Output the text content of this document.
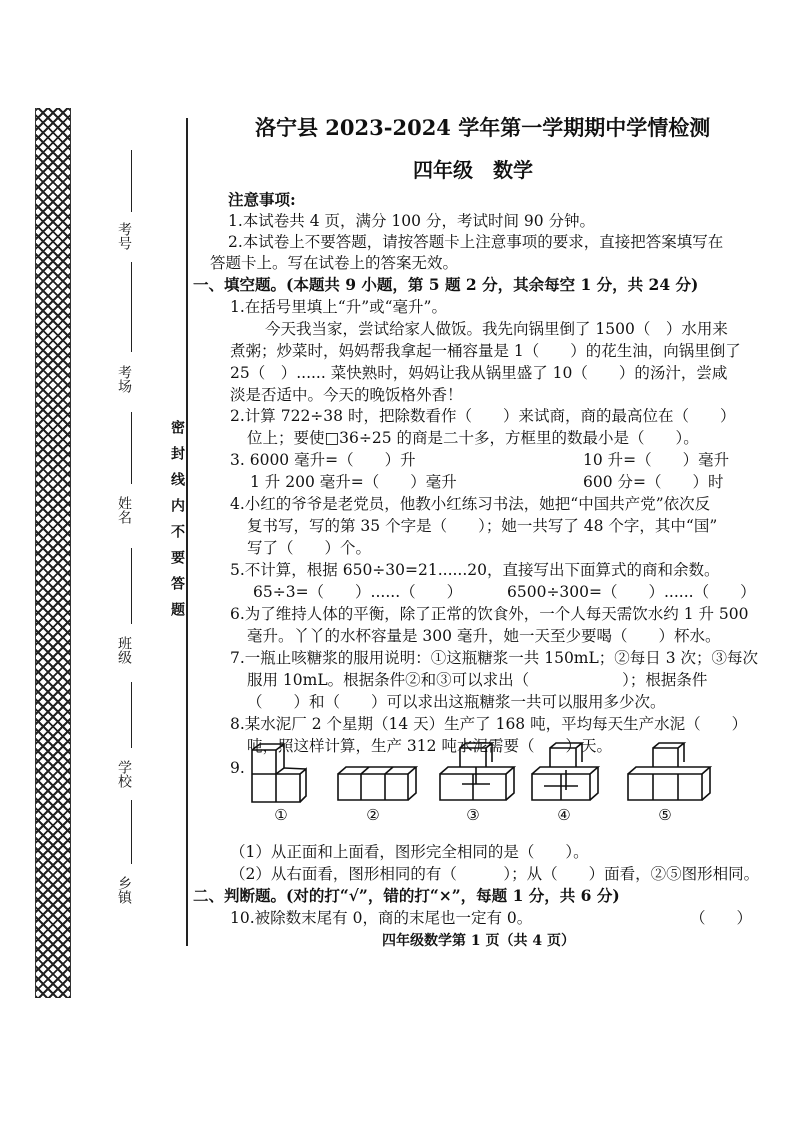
考号
考场
姓名
班级
学校
乡镇
密封线内不要答题
洛宁县 2023-2024 学年第一学期期中学情检测
四年级　数学
注意事项:
1.本试卷共 4 页，满分 100 分，考试时间 90 分钟。
2.本试卷上不要答题，请按答题卡上注意事项的要求，直接把答案填写在
答题卡上。写在试卷上的答案无效。
一、填空题。(本题共 9 小题，第 5 题 2 分，其余每空 1 分，共 24 分)
1.在括号里填上“升”或“毫升”。
今天我当家，尝试给家人做饭。我先向锅里倒了 1500（　）水用来
煮粥；炒菜时，妈妈帮我拿起一桶容量是 1（　　）的花生油，向锅里倒了
25（　）...... 菜快熟时，妈妈让我从锅里盛了 10（　　）的汤汁，尝咸
淡是否适中。今天的晚饭格外香！
2.计算 722÷38 时，把除数看作（　　）来试商，商的最高位在（　　）
位上；要使□36÷25 的商是二十多，方框里的数最小是（　　）。
3. 6000 毫升=（　　）升	10 升=（　　）毫升
1 升 200 毫升=（　　）毫升	600 分=（　　）时
4.小红的爷爷是老党员，他教小红练习书法，她把“中国共产党”依次反
复书写，写的第 35 个字是（　　）；她一共写了 48 个字，其中“国”
写了（　　）个。
5.不计算，根据 650÷30=21......20，直接写出下面算式的商和余数。
65÷3=（　　）......（　　）	6500÷300=（　　）......（　　）
6.为了维持人体的平衡，除了正常的饮食外，一个人每天需饮水约 1 升 500
毫升。丫丫的水杯容量是 300 毫升，她一天至少要喝（　　）杯水。
7.一瓶止咳糖浆的服用说明：①这瓶糖浆一共 150mL；②每日 3 次；③每次
服用 10mL。根据条件②和③可以求出（　　　　　　）；根据条件
（　　）和（　　）可以求出这瓶糖浆一共可以服用多少次。
8.某水泥厂 2 个星期（14 天）生产了 168 吨，平均每天生产水泥（　　）
吨，照这样计算，生产 312 吨水泥需要（　　）天。
9.
（1）从正面和上面看，图形完全相同的是（　　）。
（2）从右面看，图形相同的有（　　　）；从（　　）面看，②⑤图形相同。
二、判断题。(对的打“√”，错的打“×”，每题 1 分，共 6 分)
10.被除数末尾有 0，商的末尾也一定有 0。	（　　）
①	②	③	④	⑤
四年级数学第 1 页（共 4 页）
